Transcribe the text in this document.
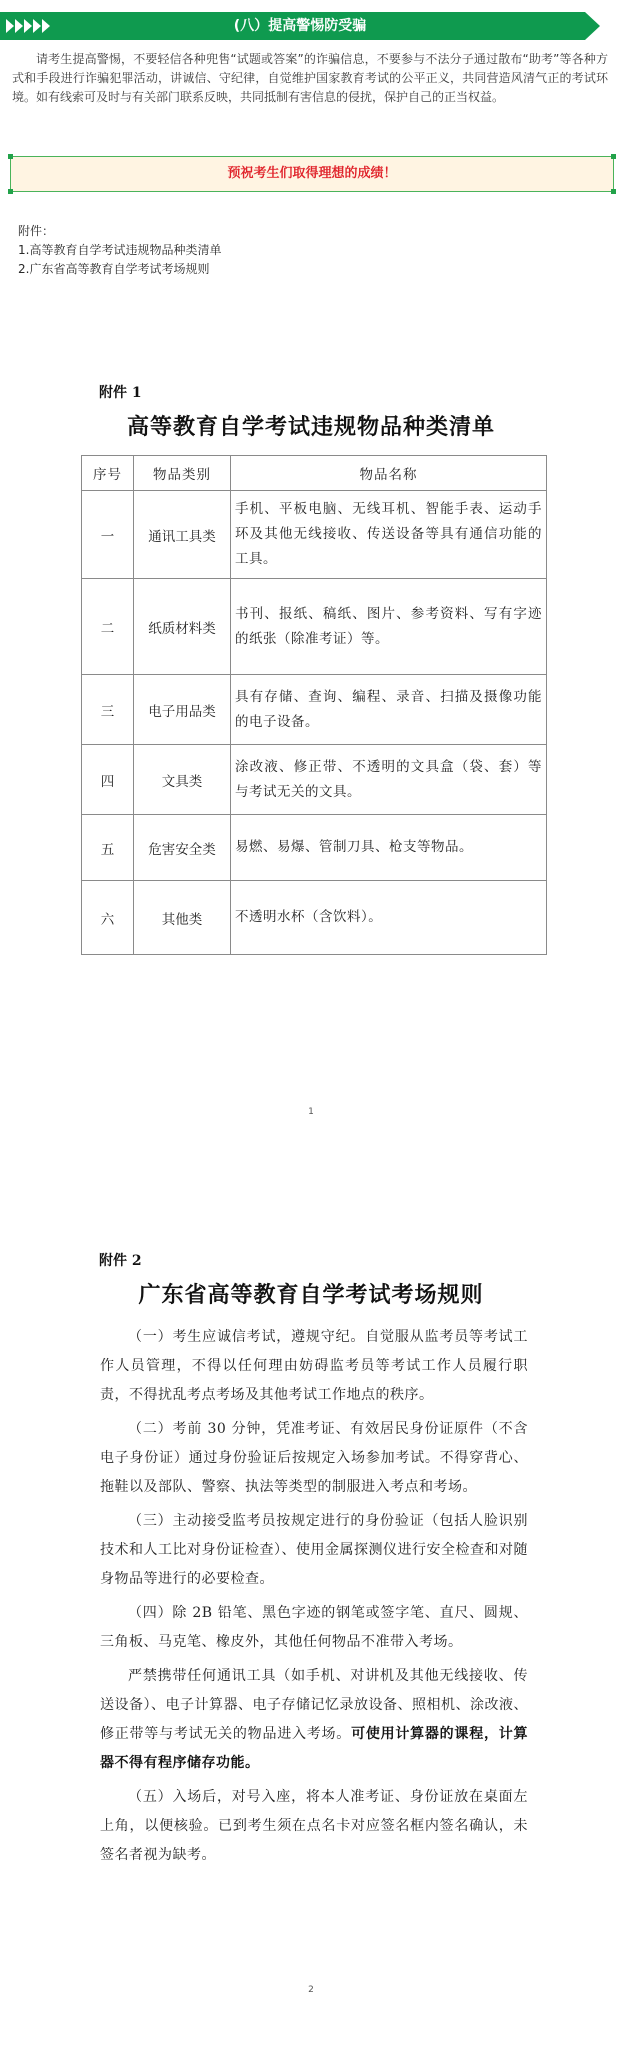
(八）提高警惕防受骗
请考生提高警惕，不要轻信各种兜售“试题或答案”的诈骗信息，不要参与不法分子通过散布“助考”等各种方式和手段进行诈骗犯罪活动，讲诚信、守纪律，自觉维护国家教育考试的公平正义，共同营造风清气正的考试环境。如有线索可及时与有关部门联系反映，共同抵制有害信息的侵扰，保护自己的正当权益。
预祝考生们取得理想的成绩！
附件：
1.高等教育自学考试违规物品种类清单
2.广东省高等教育自学考试考场规则
附件 1
高等教育自学考试违规物品种类清单
序号	物品类别	物品名称
一	通讯工具类	手机、平板电脑、无线耳机、智能手表、运动手环及其他无线接收、传送设备等具有通信功能的工具。
二	纸质材料类	书刊、报纸、稿纸、图片、参考资料、写有字迹的纸张（除准考证）等。
三	电子用品类	具有存储、查询、编程、录音、扫描及摄像功能的电子设备。
四	文具类	涂改液、修正带、不透明的文具盒（袋、套）等与考试无关的文具。
五	危害安全类	易燃、易爆、管制刀具、枪支等物品。
六	其他类	不透明水杯（含饮料）。
1
附件 2
广东省高等教育自学考试考场规则

（一）考生应诚信考试，遵规守纪。自觉服从监考员等考试工作人员管理，不得以任何理由妨碍监考员等考试工作人员履行职责，不得扰乱考点考场及其他考试工作地点的秩序。

（二）考前 30 分钟，凭准考证、有效居民身份证原件（不含电子身份证）通过身份验证后按规定入场参加考试。不得穿背心、拖鞋以及部队、警察、执法等类型的制服进入考点和考场。

（三）主动接受监考员按规定进行的身份验证（包括人脸识别技术和人工比对身份证检查）、使用金属探测仪进行安全检查和对随身物品等进行的必要检查。

（四）除 2B 铅笔、黑色字迹的钢笔或签字笔、直尺、圆规、三角板、马克笔、橡皮外，其他任何物品不准带入考场。

严禁携带任何通讯工具（如手机、对讲机及其他无线接收、传送设备）、电子计算器、电子存储记忆录放设备、照相机、涂改液、修正带等与考试无关的物品进入考场。可使用计算器的课程，计算器不得有程序储存功能。

（五）入场后，对号入座，将本人准考证、身份证放在桌面左上角，以便核验。已到考生须在点名卡对应签名框内签名确认，未签名者视为缺考。

2
